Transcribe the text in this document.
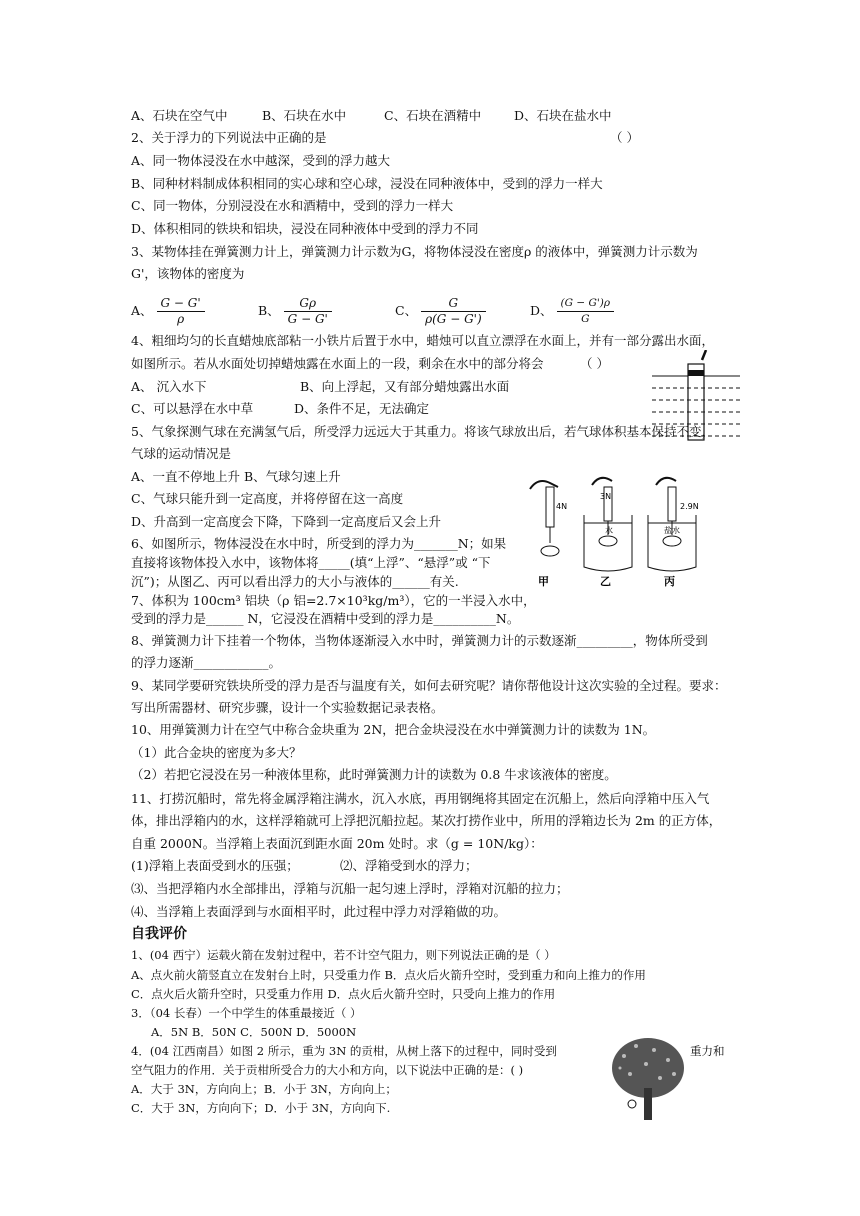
A、石块在空气中	B、石块在水中	C、石块在酒精中	D、石块在盐水中
2、关于浮力的下列说法中正确的是	（ ）
A、同一物体浸没在水中越深，受到的浮力越大
B、同种材料制成体积相同的实心球和空心球，浸没在同种液体中，受到的浮力一样大
C、同一物体，分别浸没在水和酒精中，受到的浮力一样大
D、体积相同的铁块和铝块，浸没在同种液体中受到的浮力不同
3、某物体挂在弹簧测力计上，弹簧测力计示数为G，将物体浸没在密度ρ 的液体中，弹簧测力计示数为
G'，该物体的密度为
A、 $\frac{G - G'}{\rho}$	B、 $\frac{G\rho}{G - G'}$	C、 $\frac{G}{\rho(G - G')}$	D、 $\frac{(G - G')\rho}{G}$
4、粗细均匀的长直蜡烛底部粘一小铁片后置于水中，蜡烛可以直立漂浮在水面上，并有一部分露出水面，
如图所示。若从水面处切掉蜡烛露在水面上的一段，剩余在水中的部分将会	（ ）
A、 沉入水下	B、向上浮起，又有部分蜡烛露出水面
C、可以悬浮在水中草	D、条件不足，无法确定
5、气象探测气球在充满氢气后，所受浮力远远大于其重力。将该气球放出后，若气球体积基本保持不变，
气球的运动情况是
A、一直不停地上升 B、气球匀速上升
C、气球只能升到一定高度，并将停留在这一高度
D、升高到一定高度会下降，下降到一定高度后又会上升
6、如图所示，物体浸没在水中时，所受到的浮力为_______N；如果
直接将该物体投入水中，该物体将_____(填“上浮”、“悬浮”或 “下
沉”)；从图乙、丙可以看出浮力的大小与液体的______有关.
4N
3N
水
2.9N
盐水
甲	乙	丙
7、体积为 100cm³ 铝块（ρ 铝=2.7×10³kg/m³），它的一半浸入水中，
受到的浮力是______ N，它浸没在酒精中受到的浮力是__________N。
8、弹簧测力计下挂着一个物体，当物体逐渐浸入水中时，弹簧测力计的示数逐渐_________，物体所受到
的浮力逐渐____________。
9、某同学要研究铁块所受的浮力是否与温度有关，如何去研究呢？请你帮他设计这次实验的全过程。要求：
写出所需器材、研究步骤，设计一个实验数据记录表格。
10、用弹簧测力计在空气中称合金块重为 2N，把合金块浸没在水中弹簧测力计的读数为 1N。
（1）此合金块的密度为多大？
（2）若把它浸没在另一种液体里称，此时弹簧测力计的读数为 0.8 牛求该液体的密度。
11、打捞沉船时，常先将金属浮箱注满水，沉入水底，再用钢绳将其固定在沉船上，然后向浮箱中压入气
体，排出浮箱内的水，这样浮箱就可上浮把沉船拉起。某次打捞作业中，所用的浮箱边长为 2m 的正方体，
自重 2000N。当浮箱上表面沉到距水面 20m 处时。求（g = 10N/kg）：
(1)浮箱上表面受到水的压强；	⑵、浮箱受到水的浮力；
⑶、当把浮箱内水全部排出，浮箱与沉船一起匀速上浮时，浮箱对沉船的拉力；
⑷、当浮箱上表面浮到与水面相平时，此过程中浮力对浮箱做的功。
自我评价
1、(04 西宁）运载火箭在发射过程中，若不计空气阻力，则下列说法正确的是（ ）
A、点火前火箭竖直立在发射台上时，只受重力作 B．点火后火箭升空时，受到重力和向上推力的作用
C．点火后火箭升空时，只受重力作用 D．点火后火箭升空时，只受向上推力的作用
3．（04 长春）一个中学生的体重最接近（ ）
A．5N B．50N C．500N D．5000N
4．(04 江西南昌）如图 2 所示，重为 3N 的贡柑，从树上落下的过程中，同时受到	重力和
空气阻力的作用．关于贡柑所受合力的大小和方向，以下说法中正确的是：( )
A．大于 3N，方向向上；B．小于 3N，方向向上；
C．大于 3N，方向向下；D．小于 3N，方向向下.
